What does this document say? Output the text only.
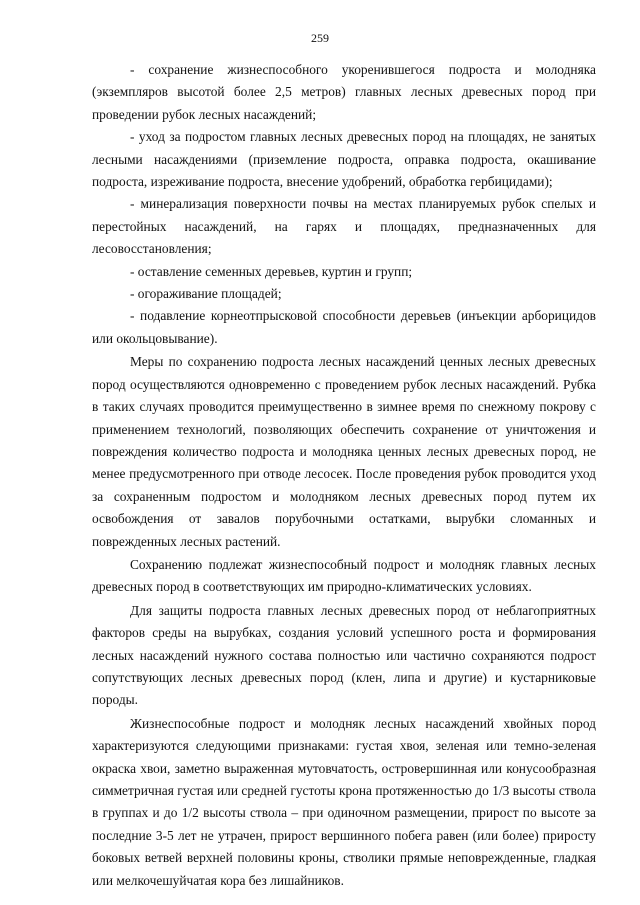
259

- сохранение жизнеспособного укоренившегося подроста и молодняка (экземпляров высотой более 2,5 метров) главных лесных древесных пород при проведении рубок лесных насаждений;

- уход за подростом главных лесных древесных пород на площадях, не занятых лесными насаждениями (приземление подроста, оправка подроста, окашивание подроста, изреживание подроста, внесение удобрений, обработка гербицидами);

- минерализация поверхности почвы на местах планируемых рубок спелых и перестойных насаждений, на гарях и площадях, предназначенных для лесовосстановления;

- оставление семенных деревьев, куртин и групп;

- огораживание площадей;

- подавление корнеотпрысковой способности деревьев (инъекции арборицидов или окольцовывание).

Меры по сохранению подроста лесных насаждений ценных лесных древесных пород осуществляются одновременно с проведением рубок лесных насаждений. Рубка в таких случаях проводится преимущественно в зимнее время по снежному покрову с применением технологий, позволяющих обеспечить сохранение от уничтожения и повреждения количество подроста и молодняка ценных лесных древесных пород, не менее предусмотренного при отводе лесосек. После проведения рубок проводится уход за сохраненным подростом и молодняком лесных древесных пород путем их освобождения от завалов порубочными остатками, вырубки сломанных и поврежденных лесных растений.

Сохранению подлежат жизнеспособный подрост и молодняк главных лесных древесных пород в соответствующих им природно-климатических условиях.

Для защиты подроста главных лесных древесных пород от неблагоприятных факторов среды на вырубках, создания условий успешного роста и формирования лесных насаждений нужного состава полностью или частично сохраняются подрост сопутствующих лесных древесных пород (клен, липа и другие) и кустарниковые породы.

Жизнеспособные подрост и молодняк лесных насаждений хвойных пород характеризуются следующими признаками: густая хвоя, зеленая или темно-зеленая окраска хвои, заметно выраженная мутовчатость, островершинная или конусообразная симметричная густая или средней густоты крона протяженностью до 1/3 высоты ствола в группах и до 1/2 высоты ствола – при одиночном размещении, прирост по высоте за последние 3-5 лет не утрачен, прирост вершинного побега равен (или более) приросту боковых ветвей верхней половины кроны, стволики прямые неповрежденные, гладкая или мелкочешуйчатая кора без лишайников.
